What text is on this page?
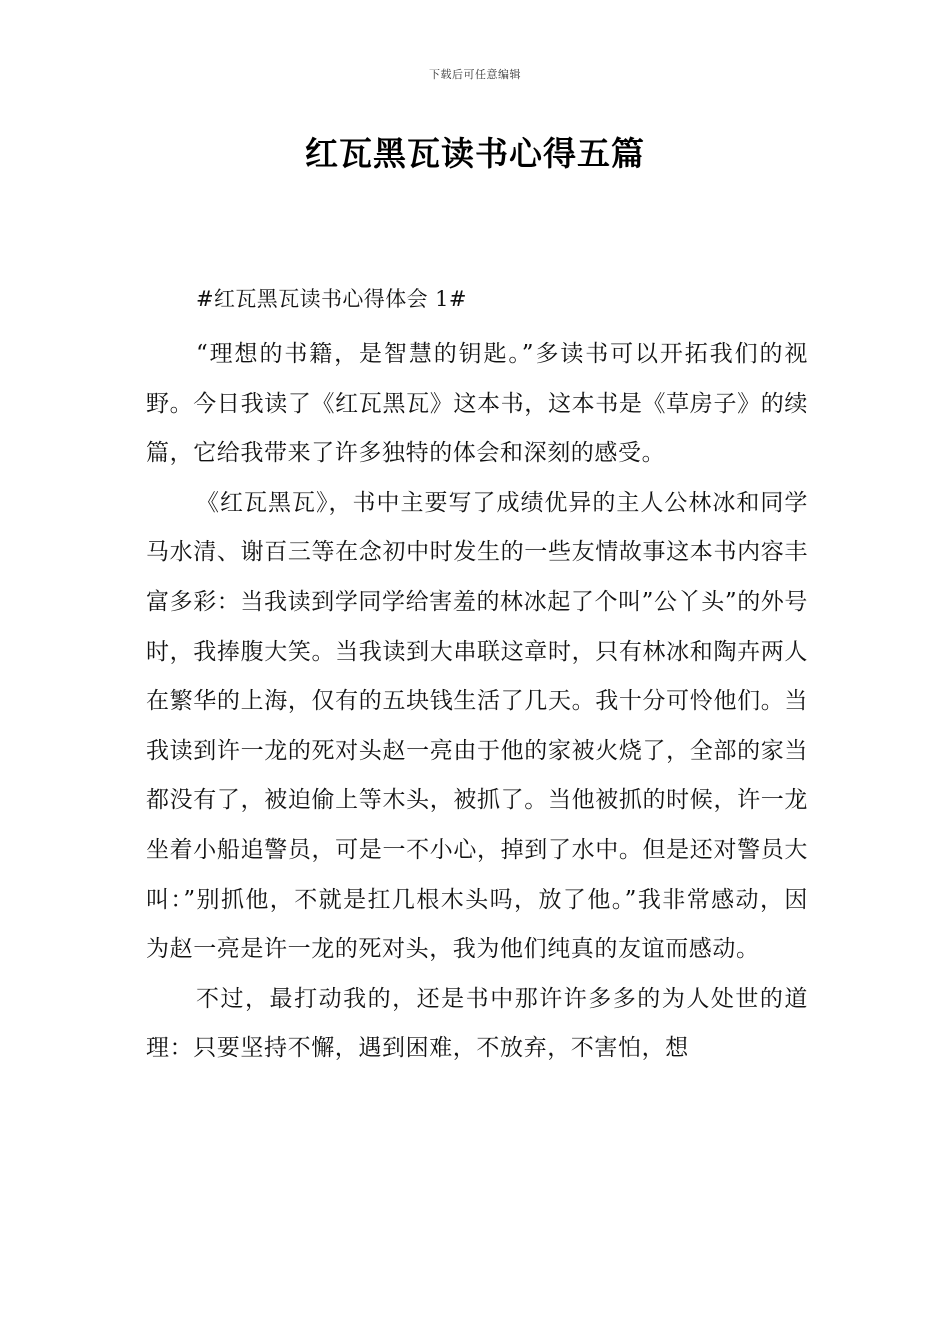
下载后可任意编辑
红瓦黑瓦读书心得五篇

#红瓦黑瓦读书心得体会 1#

“理想的书籍，是智慧的钥匙。”多读书可以开拓我们的视野。今日我读了《红瓦黑瓦》这本书，这本书是《草房子》的续篇，它给我带来了许多独特的体会和深刻的感受。

《红瓦黑瓦》，书中主要写了成绩优异的主人公林冰和同学马水清、谢百三等在念初中时发生的一些友情故事这本书内容丰富多彩：当我读到学同学给害羞的林冰起了个叫”公丫头”的外号时，我捧腹大笑。当我读到大串联这章时，只有林冰和陶卉两人在繁华的上海，仅有的五块钱生活了几天。我十分可怜他们。当我读到许一龙的死对头赵一亮由于他的家被火烧了，全部的家当都没有了，被迫偷上等木头，被抓了。当他被抓的时候，许一龙坐着小船追警员，可是一不小心，掉到了水中。但是还对警员大叫：”别抓他，不就是扛几根木头吗，放了他。”我非常感动，因为赵一亮是许一龙的死对头，我为他们纯真的友谊而感动。

不过，最打动我的，还是书中那许许多多的为人处世的道理：只要坚持不懈，遇到困难，不放弃，不害怕，想
